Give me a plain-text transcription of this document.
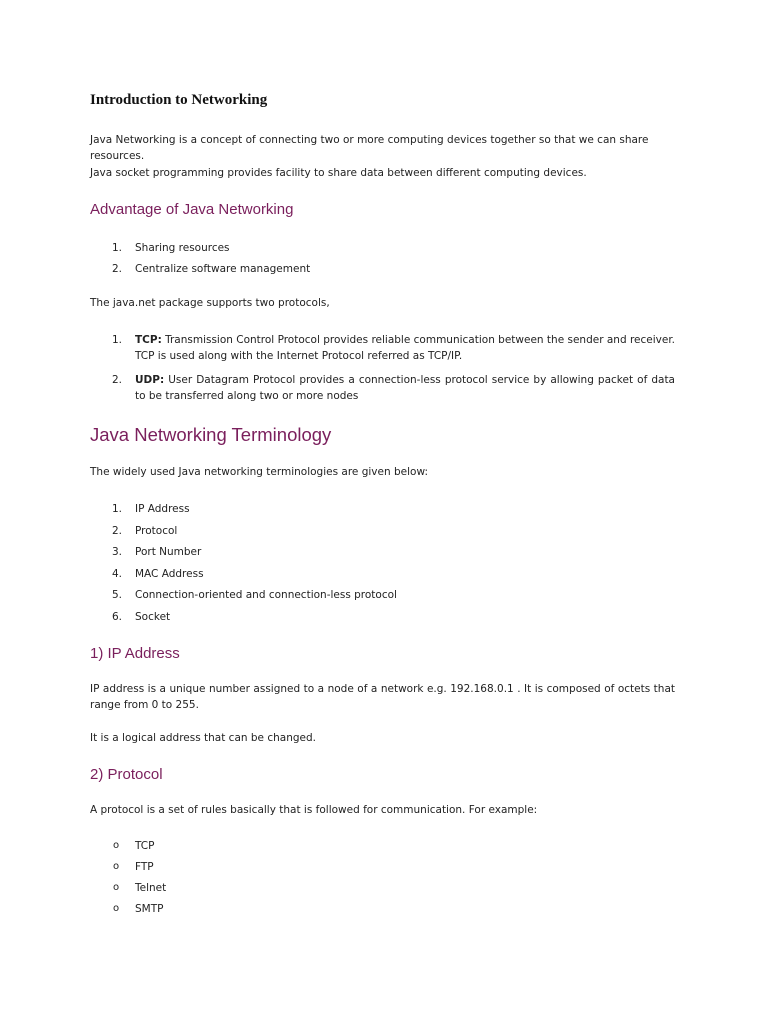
Introduction to Networking

Java Networking is a concept of connecting two or more computing devices together so that we can share resources.

Java socket programming provides facility to share data between different computing devices.

Advantage of Java Networking
1. Sharing resources
2. Centralize software management

The java.net package supports two protocols,

1. TCP: Transmission Control Protocol provides reliable communication between the sender and receiver. TCP is used along with the Internet Protocol referred as TCP/IP.
2. UDP: User Datagram Protocol provides a connection-less protocol service by allowing packet of data to be transferred along two or more nodes
Java Networking Terminology

The widely used Java networking terminologies are given below:

1. IP Address
2. Protocol
3. Port Number
4. MAC Address
5. Connection-oriented and connection-less protocol
6. Socket
1) IP Address

IP address is a unique number assigned to a node of a network e.g. 192.168.0.1 . It is composed of octets that range from 0 to 255.

It is a logical address that can be changed.

2) Protocol

A protocol is a set of rules basically that is followed for communication. For example:

o TCP
o FTP
o Telnet
o SMTP
